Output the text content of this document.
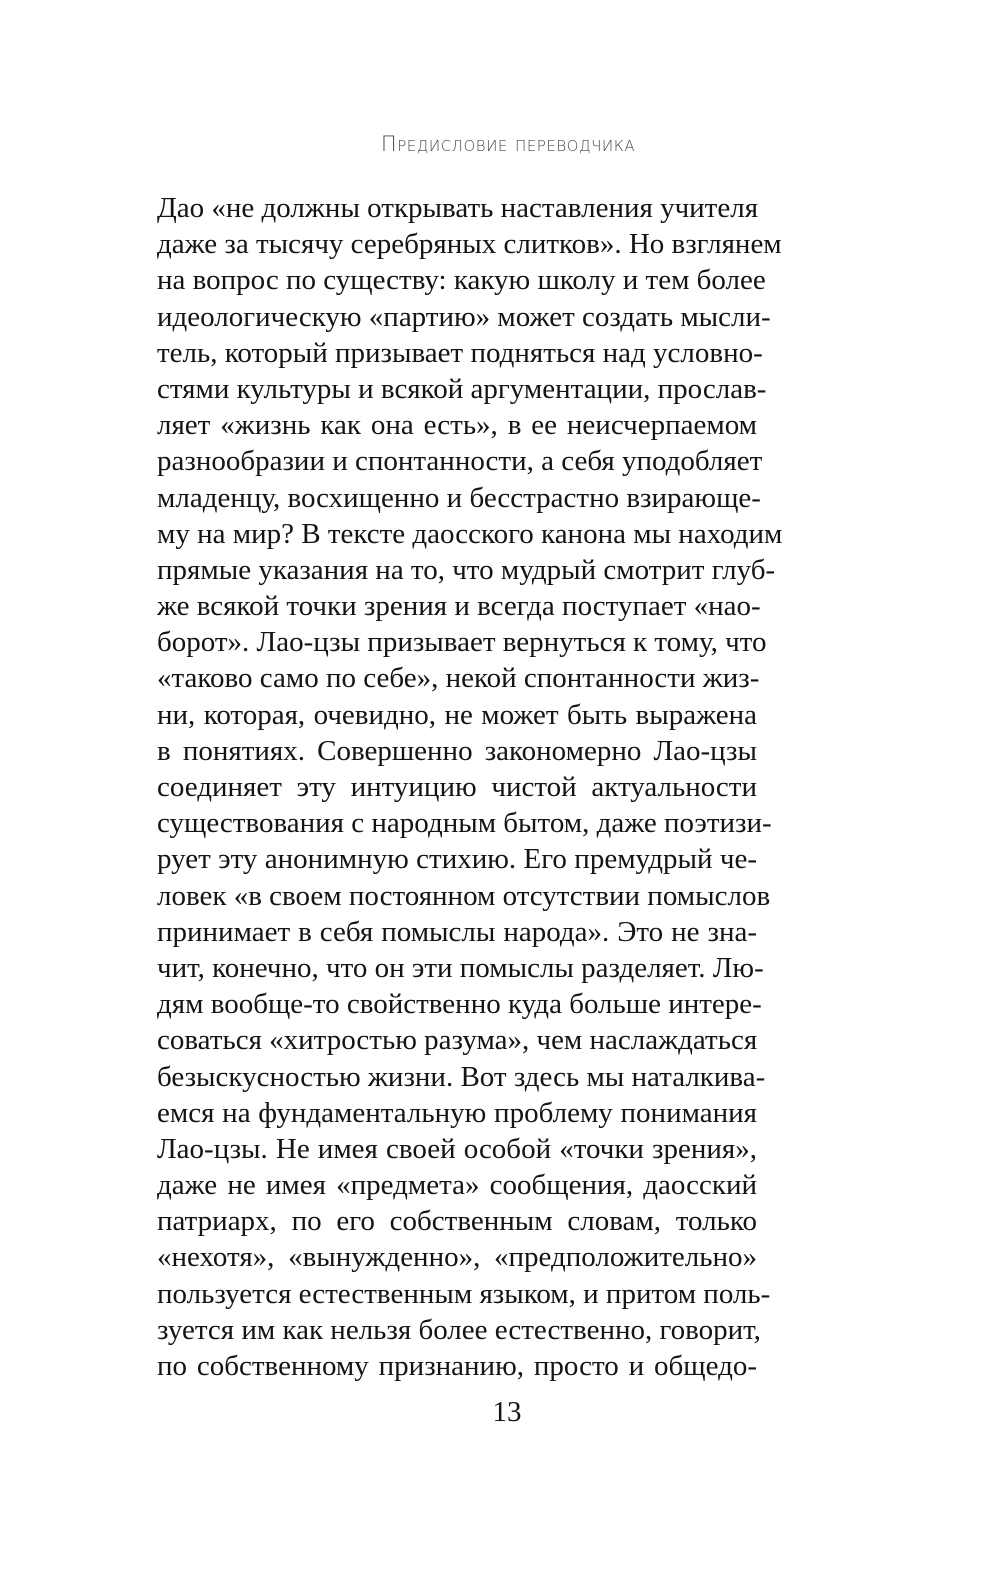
Предисловие переводчика
Дао «не должны открывать наставления учителя
даже за тысячу серебряных слитков». Но взглянем
на вопрос по существу: какую школу и тем более
идеологическую «партию» может создать мысли-
тель, который призывает подняться над условно-
стями культуры и всякой аргументации, прослав-
ляет «жизнь как она есть», в ее неисчерпаемом
разнообразии и спонтанности, а себя уподобляет
младенцу, восхищенно и бесстрастно взирающе-
му на мир? В тексте даосского канона мы находим
прямые указания на то, что мудрый смотрит глуб-
же всякой точки зрения и всегда поступает «нао-
борот». Лао-цзы призывает вернуться к тому, что
«таково само по себе», некой спонтанности жиз-
ни, которая, очевидно, не может быть выражена
в понятиях. Совершенно закономерно Лао-цзы
соединяет эту интуицию чистой актуальности
существования с народным бытом, даже поэтизи-
рует эту анонимную стихию. Его премудрый че-
ловек «в своем постоянном отсутствии помыслов
принимает в себя помыслы народа». Это не зна-
чит, конечно, что он эти помыслы разделяет. Лю-
дям вообще-то свойственно куда больше интере-
соваться «хитростью разума», чем наслаждаться
безыскусностью жизни. Вот здесь мы наталкива-
емся на фундаментальную проблему понимания
Лао-цзы. Не имея своей особой «точки зрения»,
даже не имея «предмета» сообщения, даосский
патриарх, по его собственным словам, только
«нехотя», «вынужденно», «предположительно»
пользуется естественным языком, и притом поль-
зуется им как нельзя более естественно, говорит,
по собственному признанию, просто и общедо-
13
